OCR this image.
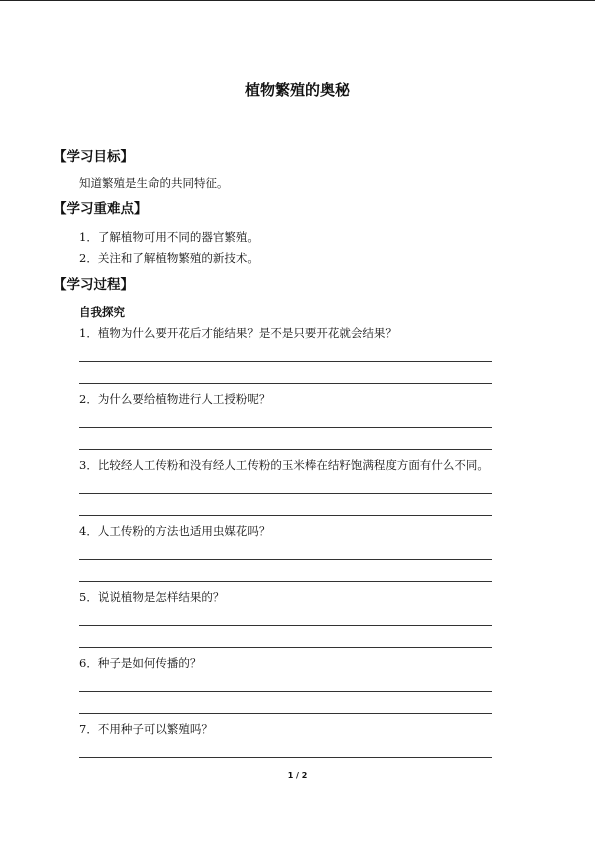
植物繁殖的奥秘
【学习目标】
知道繁殖是生命的共同特征。
【学习重难点】
1．了解植物可用不同的器官繁殖。
2．关注和了解植物繁殖的新技术。
【学习过程】
自我探究
1．植物为什么要开花后才能结果？是不是只要开花就会结果？
2．为什么要给植物进行人工授粉呢？
3．比较经人工传粉和没有经人工传粉的玉米棒在结籽饱满程度方面有什么不同。
4．人工传粉的方法也适用虫媒花吗？
5．说说植物是怎样结果的？
6．种子是如何传播的？
7．不用种子可以繁殖吗？
1 / 2
